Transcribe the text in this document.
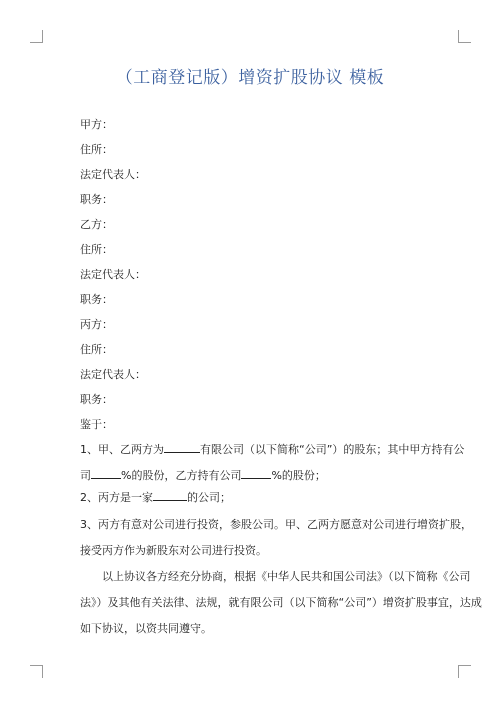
（工商登记版）增资扩股协议 模板
甲方：
住所：
法定代表人：
职务：
乙方：
住所：
法定代表人：
职务：
丙方：
住所：
法定代表人：
职务：
鉴于：
1、甲、乙两方为	有限公司（以下简称“公司”）的股东；其中甲方持有公
司	%的股份，乙方持有公司	%的股份；
2、丙方是一家	的公司；
3、丙方有意对公司进行投资，参股公司。甲、乙两方愿意对公司进行增资扩股，
接受丙方作为新股东对公司进行投资。
以上协议各方经充分协商，根据《中华人民共和国公司法》（以下简称《公司
法》）及其他有关法律、法规，就有限公司（以下简称“公司”）增资扩股事宜，达成
如下协议，以资共同遵守。
